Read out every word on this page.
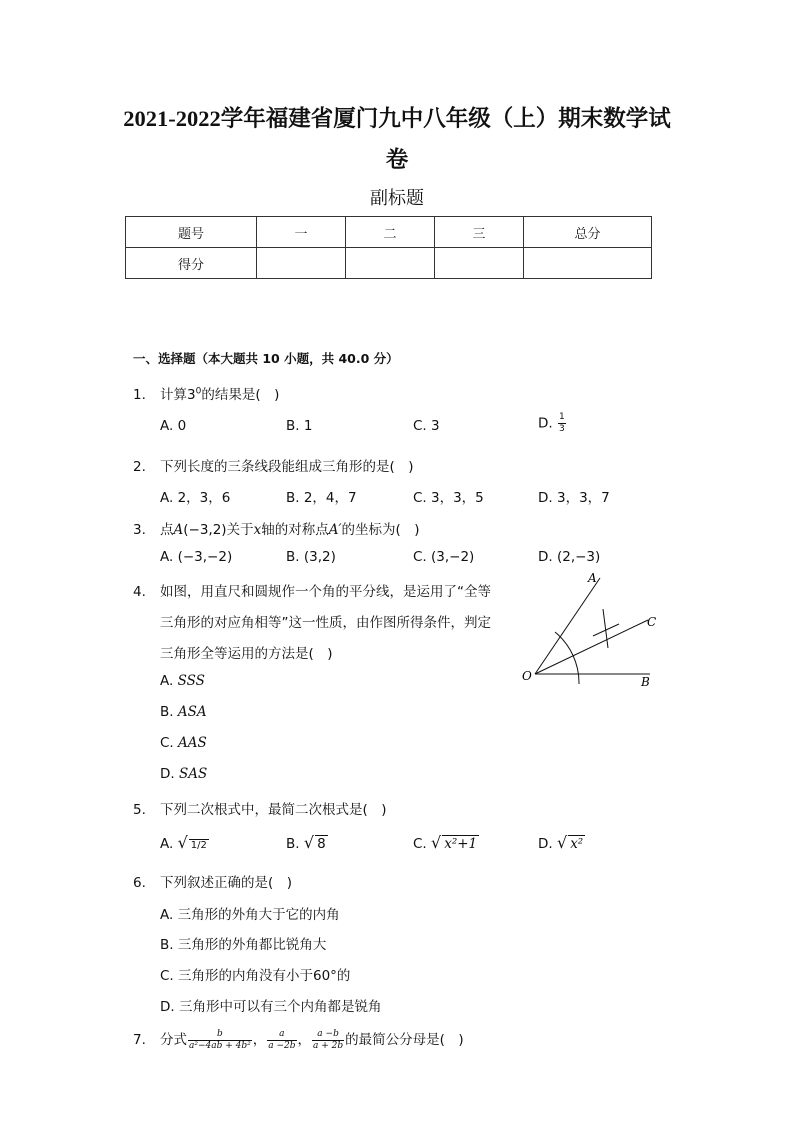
2021-2022学年福建省厦门九中八年级（上）期末数学试
卷
副标题
题号	一	二	三	总分
得分				
一、选择题（本大题共 10 小题，共 40.0 分）
1. 计算$3^0$的结果是(　)
A. 0	B. 1	C. 3	D. $\frac{1}{3}$
2. 下列长度的三条线段能组成三角形的是(　)
A. 2，3，6	B. 2，4，7	C. 3，3，5	D. 3，3，7
3. 点A(−3,2)关于x轴的对称点A′的坐标为(　)
A. (−3,−2)	B. (3,2)	C. (3,−2)	D. (2,−3)
4. 如图，用直尺和圆规作一个角的平分线，是运用了“全等
三角形的对应角相等”这一性质，由作图所得条件，判定
三角形全等运用的方法是(　)
A. SSS
B. ASA
C. AAS
D. SAS
A
C
O	B
5. 下列二次根式中，最简二次根式是(　)
A. √ 1/2	B. √ 8	C. √ x²+1	D. √ x²
6. 下列叙述正确的是(　)
A. 三角形的外角大于它的内角
B. 三角形的外角都比锐角大
C. 三角形的内角没有小于60°的
D. 三角形中可以有三个内角都是锐角
7. 分式 $\frac{b}{\text{a²−4ab + 4b²}}$ ， $\frac{a}{a -2b}$ ， $\frac{a -b}{a + 2b}$ 的最简公分母是(　)
